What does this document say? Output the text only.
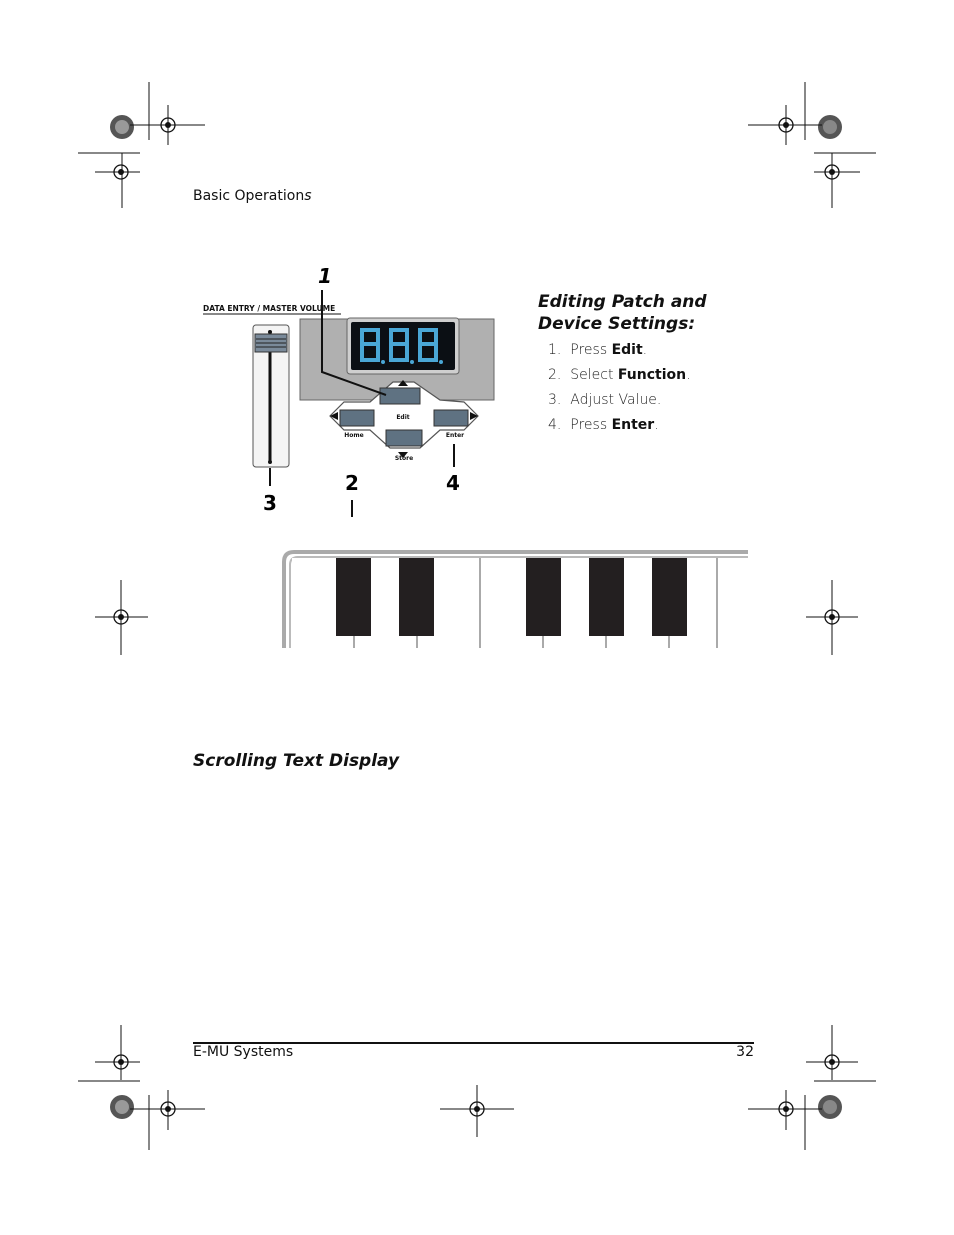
Basic Operations
DATA ENTRY / MASTER VOLUME
Edit
Home	Enter
Store
1
2
3
4
Editing Patch and Device Settings:
1. Press Edit.
2. Select Function.
3. Adjust Value.
4. Press Enter.
Scrolling Text Display
E-MU Systems	32
